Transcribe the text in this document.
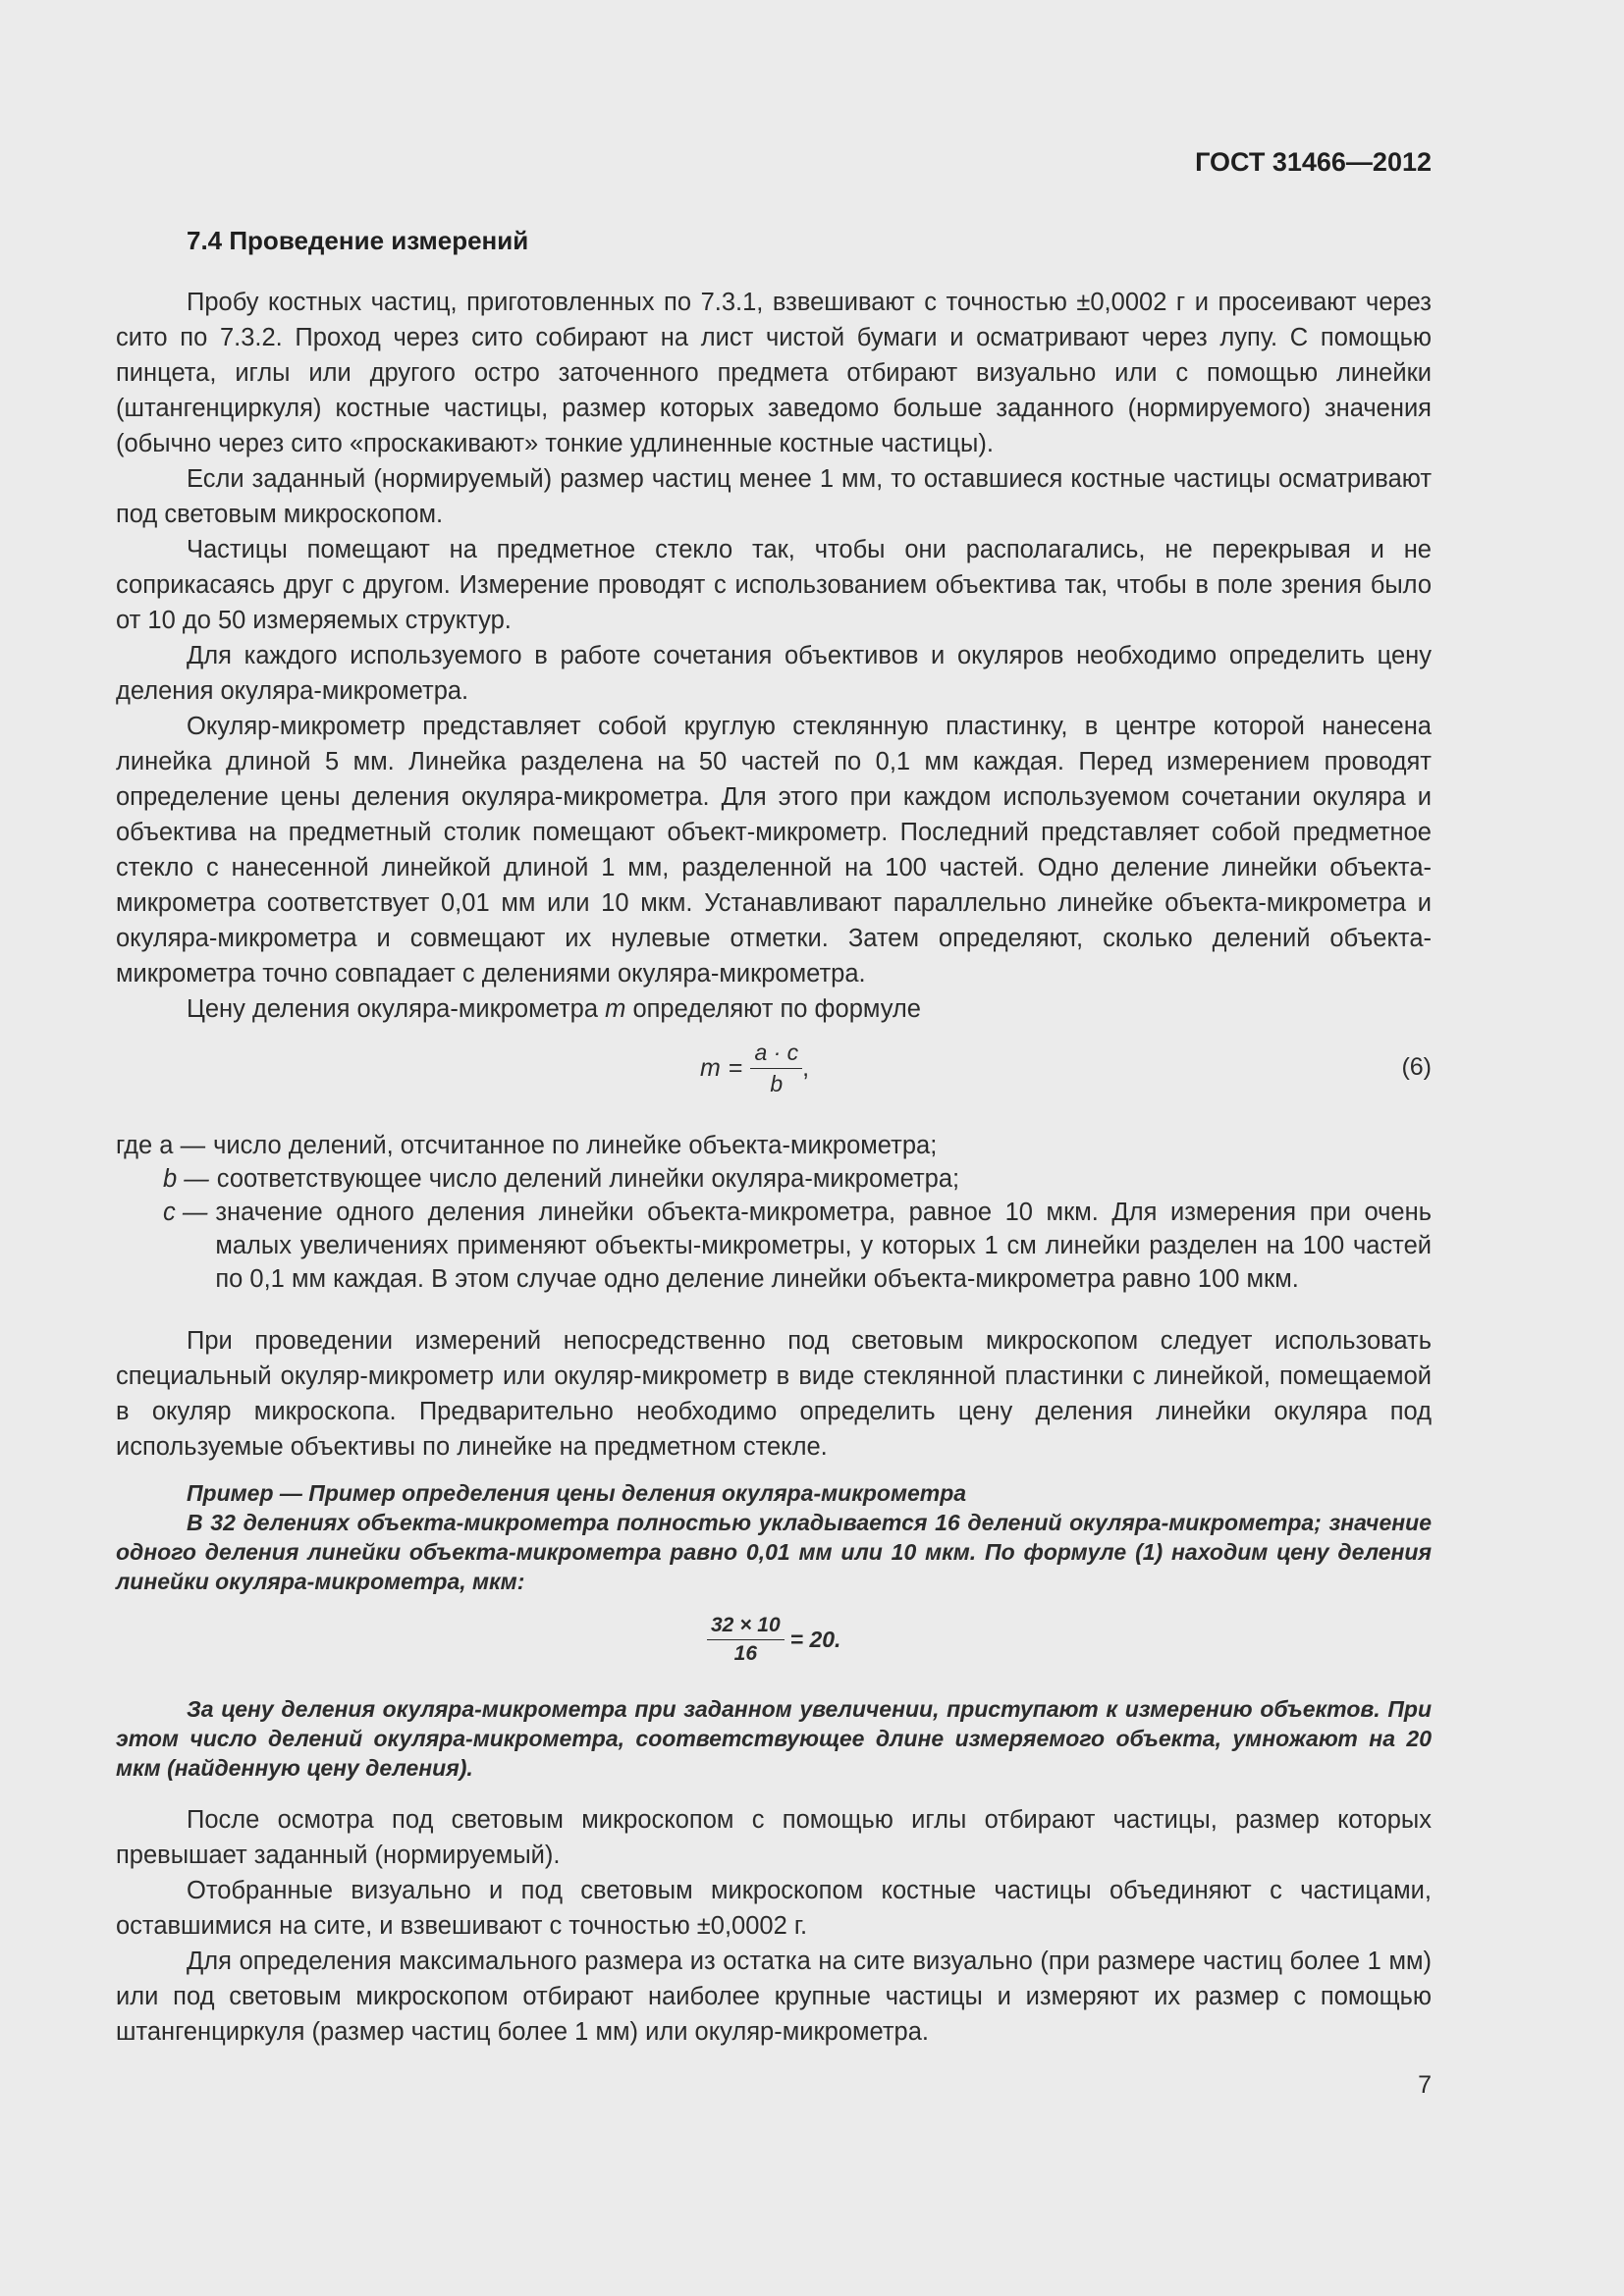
ГОСТ 31466—2012
7.4 Проведение измерений

Пробу костных частиц, приготовленных по 7.3.1, взвешивают с точностью ±0,0002 г и просеивают через сито по 7.3.2. Проход через сито собирают на лист чистой бумаги и осматривают через лупу. С помощью пинцета, иглы или другого остро заточенного предмета отбирают визуально или с помощью линейки (штангенциркуля) костные частицы, размер которых заведомо больше заданного (нормируемого) значения (обычно через сито «проскакивают» тонкие удлиненные костные частицы).

Если заданный (нормируемый) размер частиц менее 1 мм, то оставшиеся костные частицы осматривают под световым микроскопом.

Частицы помещают на предметное стекло так, чтобы они располагались, не перекрывая и не соприкасаясь друг с другом. Измерение проводят с использованием объектива так, чтобы в поле зрения было от 10 до 50 измеряемых структур.

Для каждого используемого в работе сочетания объективов и окуляров необходимо определить цену деления окуляра-микрометра.

Окуляр-микрометр представляет собой круглую стеклянную пластинку, в центре которой нанесена линейка длиной 5 мм. Линейка разделена на 50 частей по 0,1 мм каждая. Перед измерением проводят определение цены деления окуляра-микрометра. Для этого при каждом используемом сочетании окуляра и объектива на предметный столик помещают объект-микрометр. Последний представляет собой предметное стекло с нанесенной линейкой длиной 1 мм, разделенной на 100 частей. Одно деление линейки объекта-микрометра соответствует 0,01 мм или 10 мкм. Устанавливают параллельно линейке объекта-микрометра и окуляра-микрометра и совмещают их нулевые отметки. Затем определяют, сколько делений объекта-микрометра точно совпадает с делениями окуляра-микрометра.

Цену деления окуляра-микрометра m определяют по формуле

$m = \frac{a \cdot c}{b}$ ,	(6)
где a — число делений, отсчитанное по линейке объекта-микрометра;
b — соответствующее число делений линейки окуляра-микрометра;
c — значение одного деления линейки объекта-микрометра, равное 10 мкм. Для измерения при очень малых увеличениях применяют объекты-микрометры, у которых 1 см линейки разделен на 100 частей по 0,1 мм каждая. В этом случае одно деление линейки объекта-микрометра равно 100 мкм.

При проведении измерений непосредственно под световым микроскопом следует использовать специальный окуляр-микрометр или окуляр-микрометр в виде стеклянной пластинки с линейкой, помещаемой в окуляр микроскопа. Предварительно необходимо определить цену деления линейки окуляра под используемые объективы по линейке на предметном стекле.

Пример — Пример определения цены деления окуляра-микрометра

В 32 делениях объекта-микрометра полностью укладывается 16 делений окуляра-микрометра; значение одного деления линейки объекта-микрометра равно 0,01 мм или 10 мкм. По формуле (1) находим цену деления линейки окуляра-микрометра, мкм:

$\frac{32 \times 10}{16} = 20$.

За цену деления окуляра-микрометра при заданном увеличении, приступают к измерению объектов. При этом число делений окуляра-микрометра, соответствующее длине измеряемого объекта, умножают на 20 мкм (найденную цену деления).

После осмотра под световым микроскопом с помощью иглы отбирают частицы, размер которых превышает заданный (нормируемый).

Отобранные визуально и под световым микроскопом костные частицы объединяют с частицами, оставшимися на сите, и взвешивают с точностью ±0,0002 г.

Для определения максимального размера из остатка на сите визуально (при размере частиц более 1 мм) или под световым микроскопом отбирают наиболее крупные частицы и измеряют их размер с помощью штангенциркуля (размер частиц более 1 мм) или окуляр-микрометра.

7
